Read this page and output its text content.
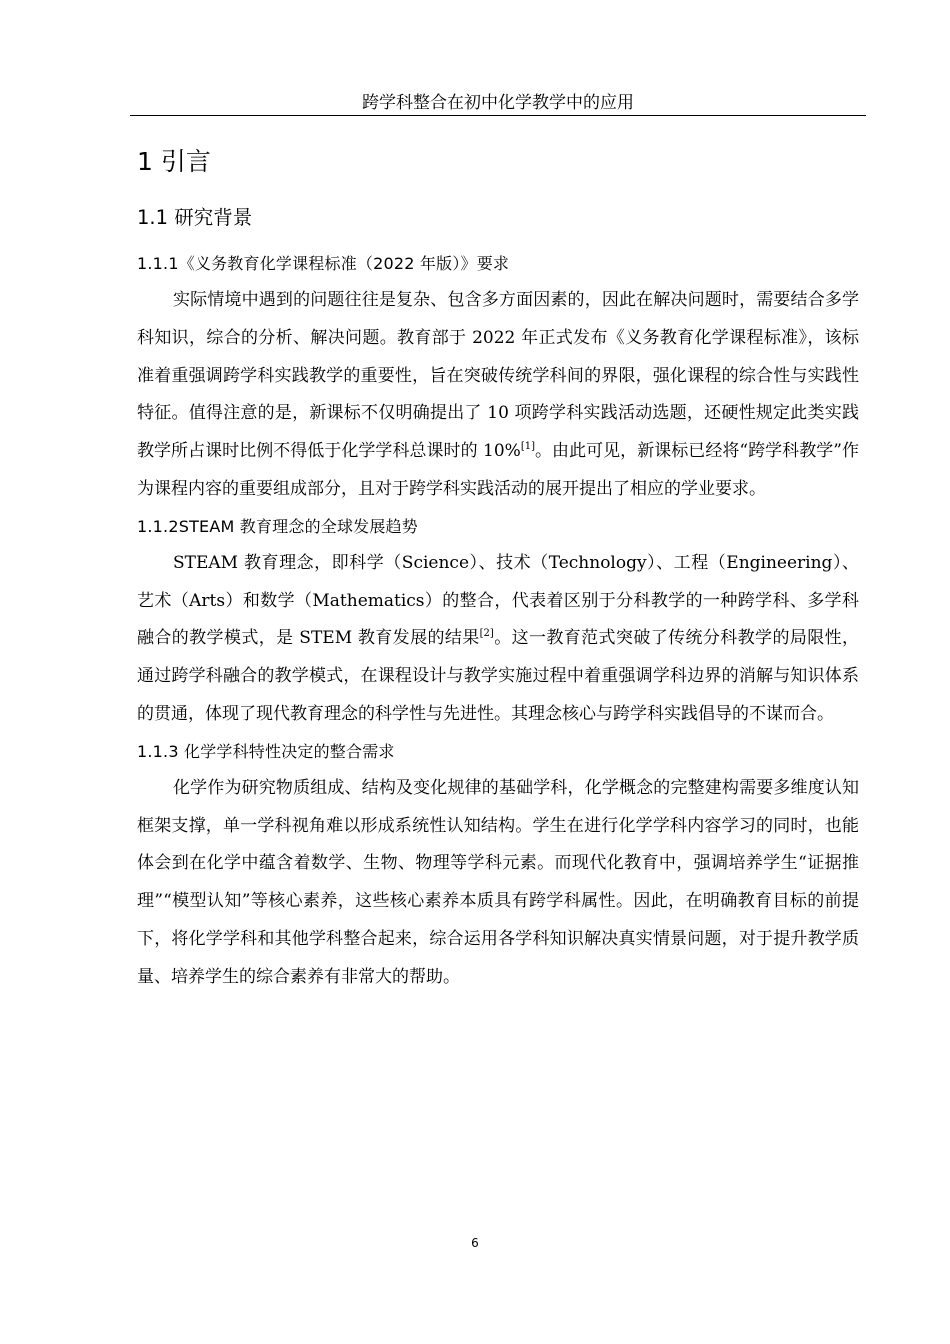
跨学科整合在初中化学教学中的应用
1 引言
1.1 研究背景
1.1.1《义务教育化学课程标准（2022 年版）》要求

实际情境中遇到的问题往往是复杂、包含多方面因素的，因此在解决问题时，需要结合多学科知识，综合的分析、解决问题。教育部于 2022 年正式发布《义务教育化学课程标准》，该标准着重强调跨学科实践教学的重要性，旨在突破传统学科间的界限，强化课程的综合性与实践性特征。值得注意的是，新课标不仅明确提出了 10 项跨学科实践活动选题，还硬性规定此类实践教学所占课时比例不得低于化学学科总课时的 10%[1]。由此可见，新课标已经将“跨学科教学”作为课程内容的重要组成部分，且对于跨学科实践活动的展开提出了相应的学业要求。

1.1.2STEAM 教育理念的全球发展趋势

STEAM 教育理念，即科学（Science）、技术（Technology）、工程（Engineering）、艺术（Arts）和数学（Mathematics）的整合，代表着区别于分科教学的一种跨学科、多学科融合的教学模式，是 STEM 教育发展的结果[2]。这一教育范式突破了传统分科教学的局限性，通过跨学科融合的教学模式，在课程设计与教学实施过程中着重强调学科边界的消解与知识体系的贯通，体现了现代教育理念的科学性与先进性。其理念核心与跨学科实践倡导的不谋而合。

1.1.3 化学学科特性决定的整合需求

化学作为研究物质组成、结构及变化规律的基础学科，化学概念的完整建构需要多维度认知框架支撑，单一学科视角难以形成系统性认知结构。学生在进行化学学科内容学习的同时，也能体会到在化学中蕴含着数学、生物、物理等学科元素。而现代化教育中，强调培养学生“证据推理”“模型认知”等核心素养，这些核心素养本质具有跨学科属性。因此，在明确教育目标的前提下，将化学学科和其他学科整合起来，综合运用各学科知识解决真实情景问题，对于提升教学质量、培养学生的综合素养有非常大的帮助。

6
